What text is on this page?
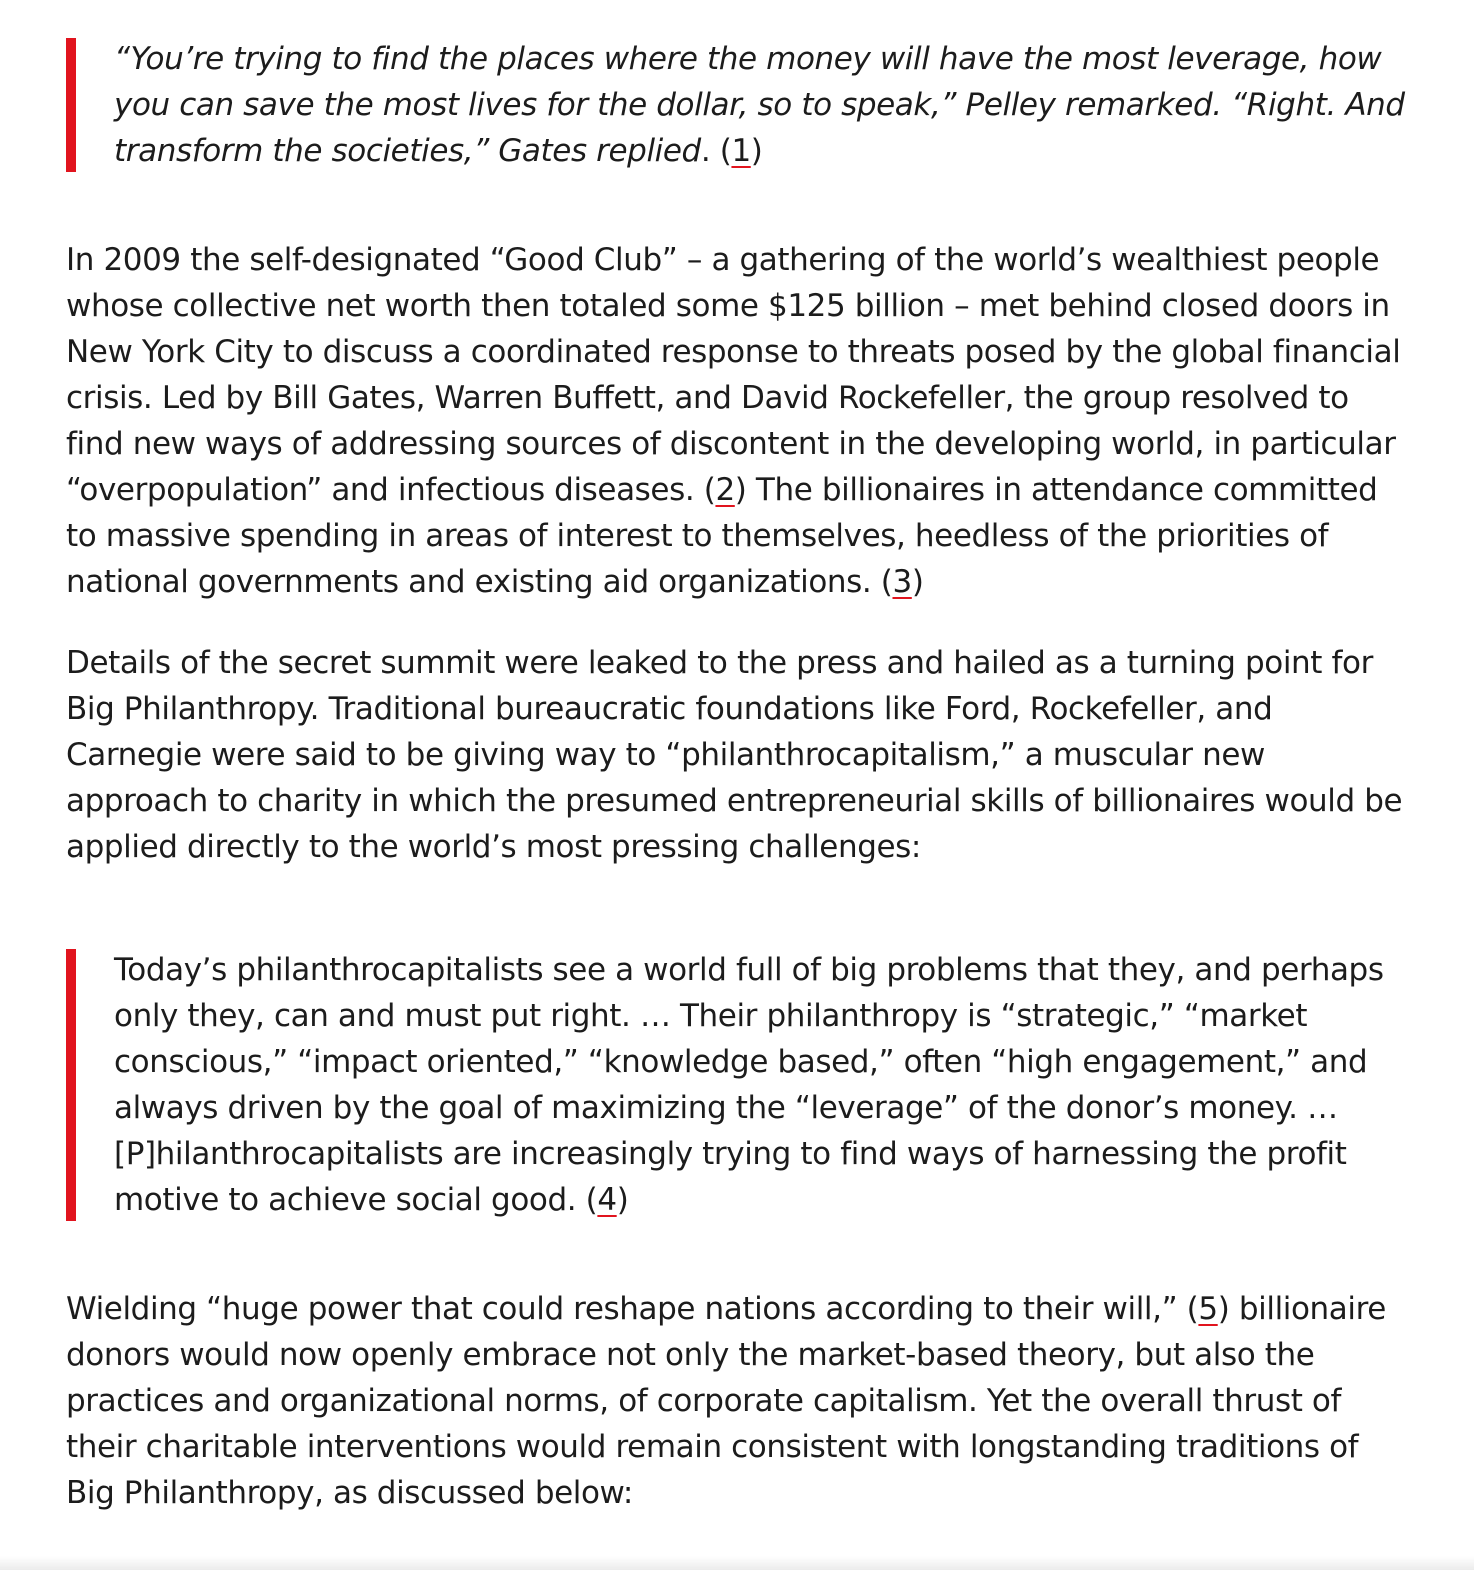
“You’re trying to find the places where the money will have the most leverage, how you can save the most lives for the dollar, so to speak,” Pelley remarked. “Right. And transform the societies,” Gates replied. (1)

In 2009 the self-designated “Good Club” – a gathering of the world’s wealthiest people whose collective net worth then totaled some $125 billion – met behind closed doors in New York City to discuss a coordinated response to threats posed by the global financial crisis. Led by Bill Gates, Warren Buffett, and David Rockefeller, the group resolved to find new ways of addressing sources of discontent in the developing world, in particular “overpopulation” and infectious diseases. (2) The billionaires in attendance committed to massive spending in areas of interest to themselves, heedless of the priorities of national governments and existing aid organizations. (3)

Details of the secret summit were leaked to the press and hailed as a turning point for Big Philanthropy. Traditional bureaucratic foundations like Ford, Rockefeller, and Carnegie were said to be giving way to “philanthrocapitalism,” a muscular new approach to charity in which the presumed entrepreneurial skills of billionaires would be applied directly to the world’s most pressing challenges:

Today’s philanthrocapitalists see a world full of big problems that they, and perhaps only they, can and must put right. … Their philanthropy is “strategic,” “market conscious,” “impact oriented,” “knowledge based,” often “high engagement,” and always driven by the goal of maximizing the “leverage” of the donor’s money. … [P]hilanthrocapitalists are increasingly trying to find ways of harnessing the profit motive to achieve social good. (4)

Wielding “huge power that could reshape nations according to their will,” (5) billionaire donors would now openly embrace not only the market-based theory, but also the practices and organizational norms, of corporate capitalism. Yet the overall thrust of their charitable interventions would remain consistent with longstanding traditions of Big Philanthropy, as discussed below:
